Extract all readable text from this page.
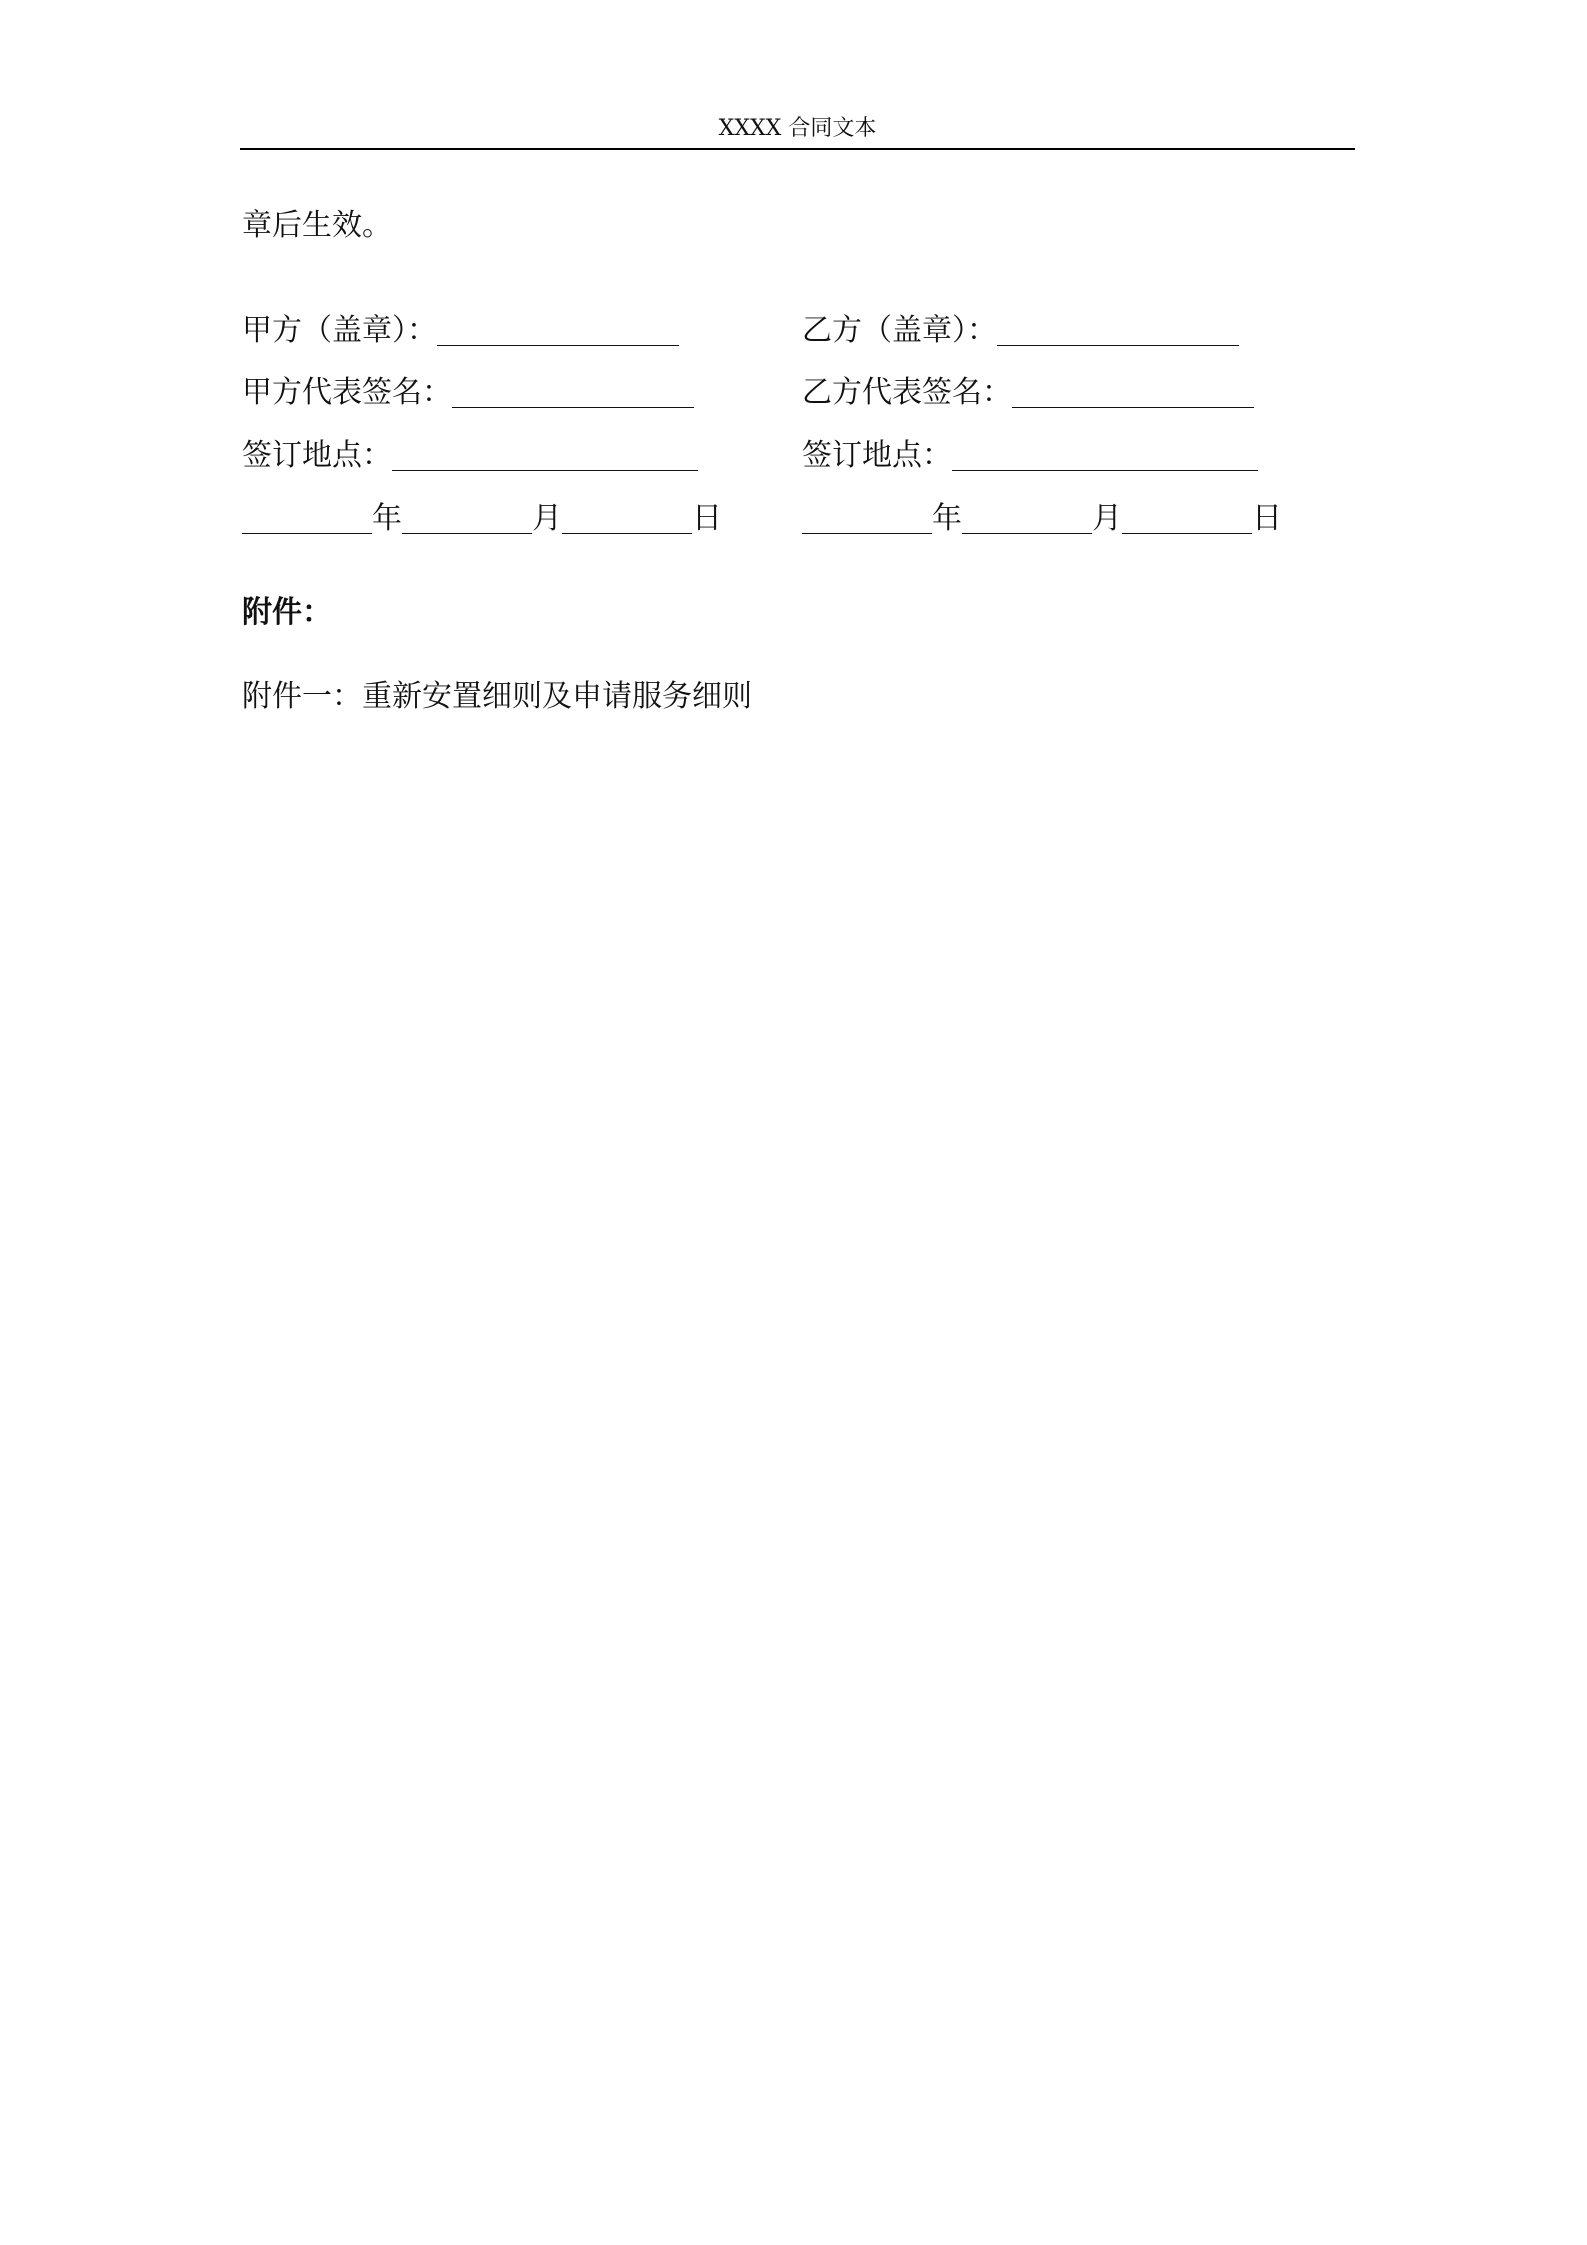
XXXX 合同文本
章后生效。
甲方（盖章）：
甲方代表签名：
签订地点：
年	月	日
乙方（盖章）：
乙方代表签名：
签订地点：
年	月	日
附件：
附件一：重新安置细则及申请服务细则
